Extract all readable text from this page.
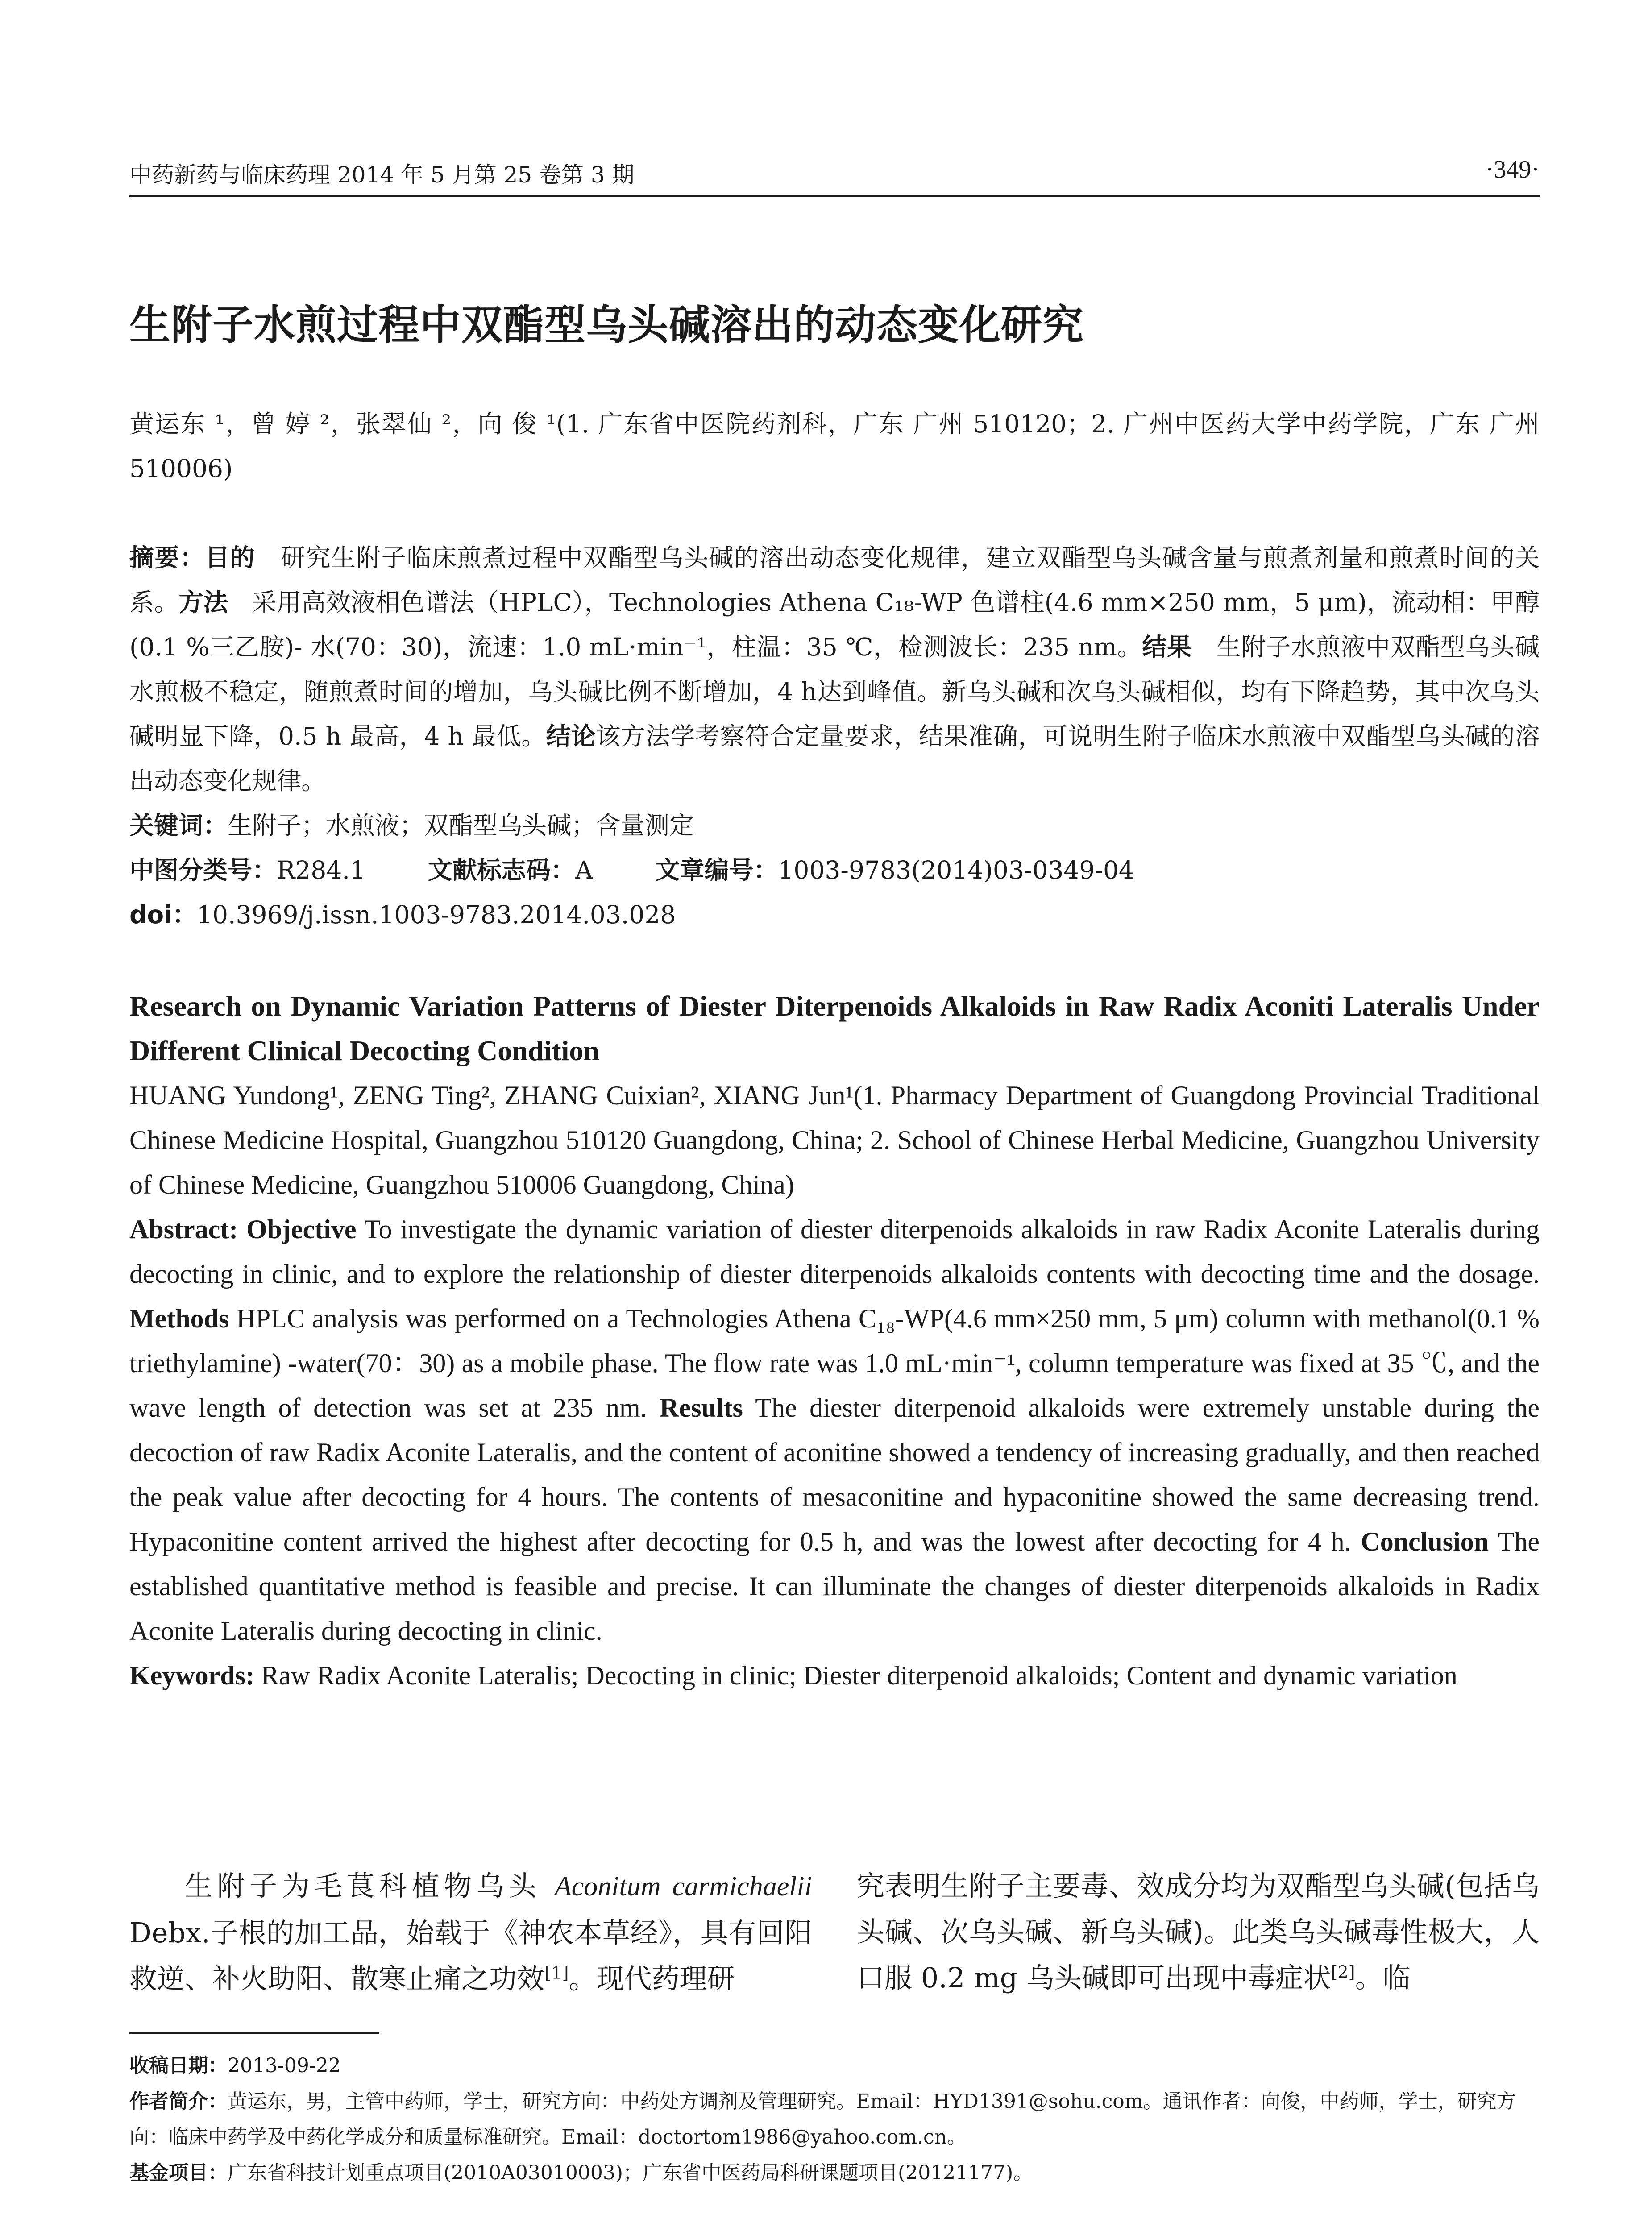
中药新药与临床药理 2014 年 5 月第 25 卷第 3 期	·349·
生附子水煎过程中双酯型乌头碱溶出的动态变化研究

黄运东 ¹，曾 婷 ²，张翠仙 ²，向 俊 ¹(1. 广东省中医院药剂科，广东 广州 510120；2. 广州中医药大学中药学院，广东 广州 510006)

摘要：目的 研究生附子临床煎煮过程中双酯型乌头碱的溶出动态变化规律，建立双酯型乌头碱含量与煎煮剂量和煎煮时间的关系。方法 采用高效液相色谱法（HPLC），Technologies Athena C₁₈-WP 色谱柱(4.6 mm×250 mm，5 μm)，流动相：甲醇(0.1 %三乙胺)- 水(70：30)，流速：1.0 mL·min⁻¹，柱温：35 ℃，检测波长：235 nm。结果 生附子水煎液中双酯型乌头碱水煎极不稳定，随煎煮时间的增加，乌头碱比例不断增加，4 h达到峰值。新乌头碱和次乌头碱相似，均有下降趋势，其中次乌头碱明显下降，0.5 h 最高，4 h 最低。结论该方法学考察符合定量要求，结果准确，可说明生附子临床水煎液中双酯型乌头碱的溶出动态变化规律。

关键词：生附子；水煎液；双酯型乌头碱；含量测定

中图分类号：R284.1	文献标志码：A	文章编号：1003-9783(2014)03-0349-04

doi：10.3969/j.issn.1003-9783.2014.03.028

Research on Dynamic Variation Patterns of Diester Diterpenoids Alkaloids in Raw Radix Aconiti Lateralis Under Different Clinical Decocting Condition

HUANG Yundong¹, ZENG Ting², ZHANG Cuixian², XIANG Jun¹(1. Pharmacy Department of Guangdong Provincial Traditional Chinese Medicine Hospital, Guangzhou 510120 Guangdong, China; 2. School of Chinese Herbal Medicine, Guangzhou University of Chinese Medicine, Guangzhou 510006 Guangdong, China)

Abstract: Objective To investigate the dynamic variation of diester diterpenoids alkaloids in raw Radix Aconite Lateralis during decocting in clinic, and to explore the relationship of diester diterpenoids alkaloids contents with decocting time and the dosage. Methods HPLC analysis was performed on a Technologies Athena C₁₈-WP(4.6 mm×250 mm, 5 μm) column with methanol(0.1 % triethylamine) -water(70：30) as a mobile phase. The flow rate was 1.0 mL·min⁻¹, column temperature was fixed at 35 ℃, and the wave length of detection was set at 235 nm. Results The diester diterpenoid alkaloids were extremely unstable during the decoction of raw Radix Aconite Lateralis, and the content of aconitine showed a tendency of increasing gradually, and then reached the peak value after decocting for 4 hours. The contents of mesaconitine and hypaconitine showed the same decreasing trend. Hypaconitine content arrived the highest after decocting for 0.5 h, and was the lowest after decocting for 4 h. Conclusion The established quantitative method is feasible and precise. It can illuminate the changes of diester diterpenoids alkaloids in Radix Aconite Lateralis during decocting in clinic.

Keywords: Raw Radix Aconite Lateralis; Decocting in clinic; Diester diterpenoid alkaloids; Content and dynamic variation

生附子为毛茛科植物乌头 Aconitum carmichaelii Debx.子根的加工品，始载于《神农本草经》，具有回阳救逆、补火助阳、散寒止痛之功效[1]。现代药理研

究表明生附子主要毒、效成分均为双酯型乌头碱(包括乌头碱、次乌头碱、新乌头碱)。此类乌头碱毒性极大，人口服 0.2 mg 乌头碱即可出现中毒症状[2]。临

收稿日期：2013-09-22

作者简介：黄运东，男，主管中药师，学士，研究方向：中药处方调剂及管理研究。Email：HYD1391@sohu.com。通讯作者：向俊，中药师，学士，研究方向：临床中药学及中药化学成分和质量标准研究。Email：doctortom1986@yahoo.com.cn。

基金项目：广东省科技计划重点项目(2010A03010003)；广东省中医药局科研课题项目(20121177)。
